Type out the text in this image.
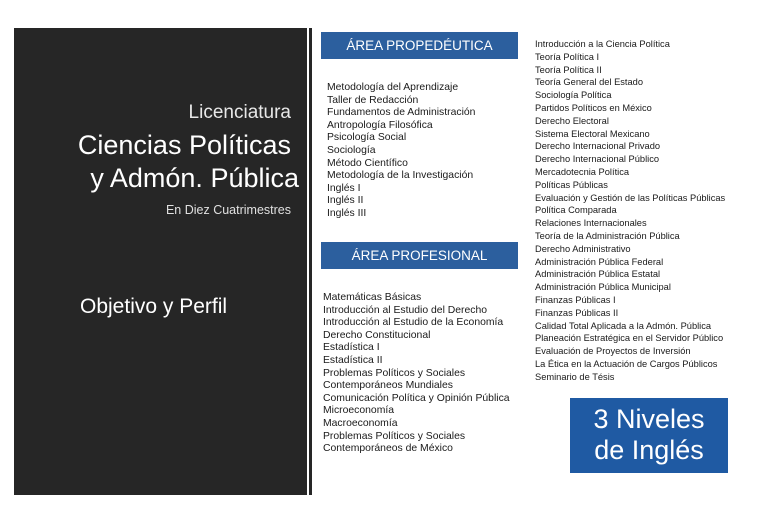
Licenciatura
Ciencias Políticas
y Admón. Pública
En Diez Cuatrimestres
Objetivo y Perfil
ÁREA PROPEDÉUTICA
Metodología del Aprendizaje
Taller de Redacción
Fundamentos de Administración
Antropología Filosófica
Psicología Social
Sociología
Método Científico
Metodología de la Investigación
Inglés I
Inglés II
Inglés III
ÁREA PROFESIONAL
Matemáticas Básicas
Introducción al Estudio del Derecho
Introducción al Estudio de la Economía
Derecho Constitucional
Estadística I
Estadística II
Problemas Políticos y Sociales
Contemporáneos Mundiales
Comunicación Política y Opinión Pública
Microeconomía
Macroeconomía
Problemas Políticos y Sociales
Contemporáneos de México
Introducción a la Ciencia Política
Teoría Política I
Teoría Política II
Teoría General del Estado
Sociología Política
Partidos Políticos en México
Derecho Electoral
Sistema Electoral Mexicano
Derecho Internacional Privado
Derecho Internacional Público
Mercadotecnia Política
Políticas Públicas
Evaluación y Gestión de las Políticas Públicas
Política Comparada
Relaciones Internacionales
Teoría de la Administración Pública
Derecho Administrativo
Administración Pública Federal
Administración Pública Estatal
Administración Pública Municipal
Finanzas Públicas I
Finanzas Públicas II
Calidad Total Aplicada a la Admón. Pública
Planeación Estratégica en el Servidor Público
Evaluación de Proyectos de Inversión
La Ética en la Actuación de Cargos Públicos
Seminario de Tésis
3 Niveles
de Inglés
